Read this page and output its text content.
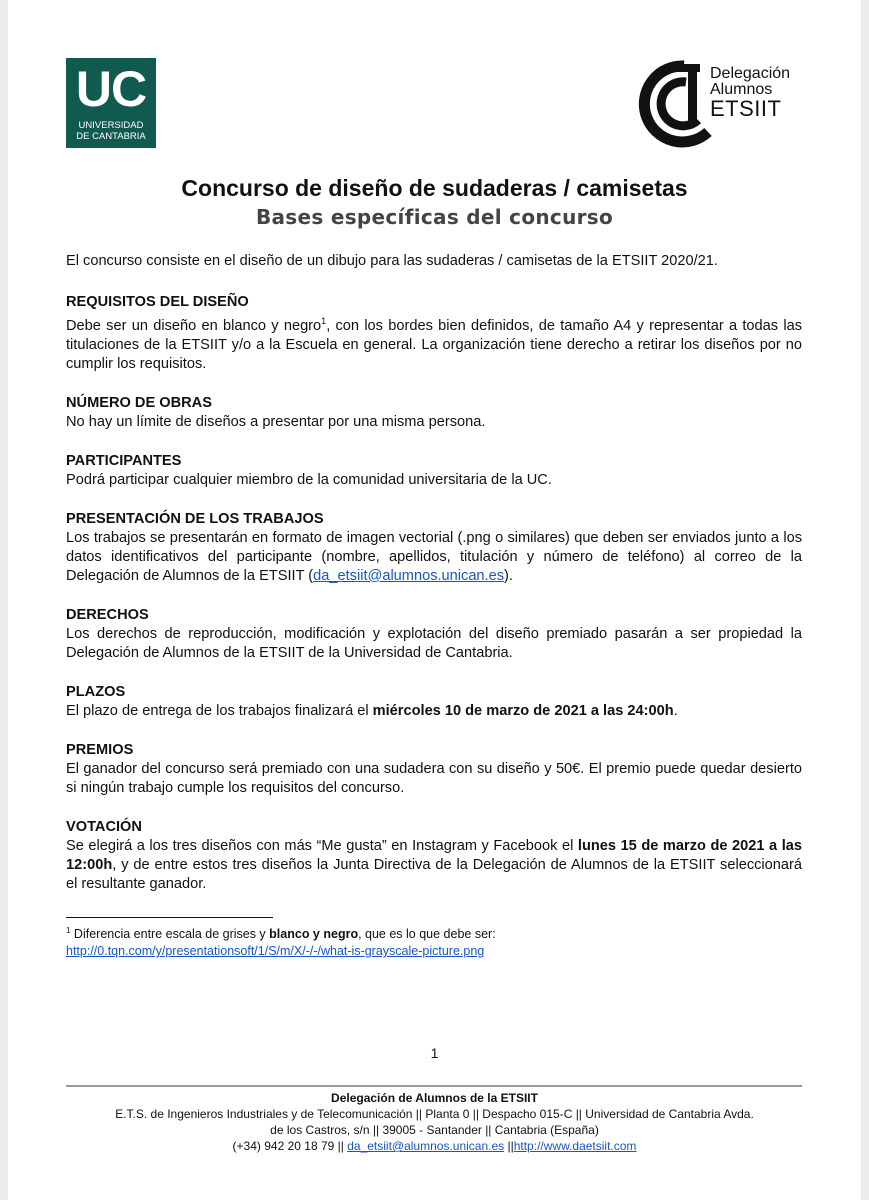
UC
UNIVERSIDAD
DE CANTABRIA
Delegación
Alumnos
ETSIIT
Concurso de diseño de sudaderas / camisetas
Bases específicas del concurso

El concurso consiste en el diseño de un dibujo para las sudaderas / camisetas de la ETSIIT 2020/21.

REQUISITOS DEL DISEÑO

Debe ser un diseño en blanco y negro$^1$, con los bordes bien definidos, de tamaño A4 y representar a todas las titulaciones de la ETSIIT y/o a la Escuela en general. La organización tiene derecho a retirar los diseños por no cumplir los requisitos.

NÚMERO DE OBRAS

No hay un límite de diseños a presentar por una misma persona.

PARTICIPANTES

Podrá participar cualquier miembro de la comunidad universitaria de la UC.

PRESENTACIÓN DE LOS TRABAJOS

Los trabajos se presentarán en formato de imagen vectorial (.png o similares) que deben ser enviados junto a los datos identificativos del participante (nombre, apellidos, titulación y número de teléfono) al correo de la Delegación de Alumnos de la ETSIIT (da_etsiit@alumnos.unican.es).

DERECHOS

Los derechos de reproducción, modificación y explotación del diseño premiado pasarán a ser propiedad la Delegación de Alumnos de la ETSIIT de la Universidad de Cantabria.

PLAZOS

El plazo de entrega de los trabajos finalizará el miércoles 10 de marzo de 2021 a las 24:00h.

PREMIOS

El ganador del concurso será premiado con una sudadera con su diseño y 50€. El premio puede quedar desierto si ningún trabajo cumple los requisitos del concurso.

VOTACIÓN

Se elegirá a los tres diseños con más “Me gusta” en Instagram y Facebook el lunes 15 de marzo de 2021 a las 12:00h, y de entre estos tres diseños la Junta Directiva de la Delegación de Alumnos de la ETSIIT seleccionará el resultante ganador.

$^1$ Diferencia entre escala de grises y blanco y negro, que es lo que debe ser:
http://0.tqn.com/y/presentationsoft/1/S/m/X/-/-/what-is-grayscale-picture.png
1
Delegación de Alumnos de la ETSIIT
E.T.S. de Ingenieros Industriales y de Telecomunicación || Planta 0 || Despacho 015-C || Universidad de Cantabria Avda.
de los Castros, s/n || 39005 - Santander || Cantabria (España)
(+34) 942 20 18 79 || da_etsiit@alumnos.unican.es ||http://www.daetsiit.com
